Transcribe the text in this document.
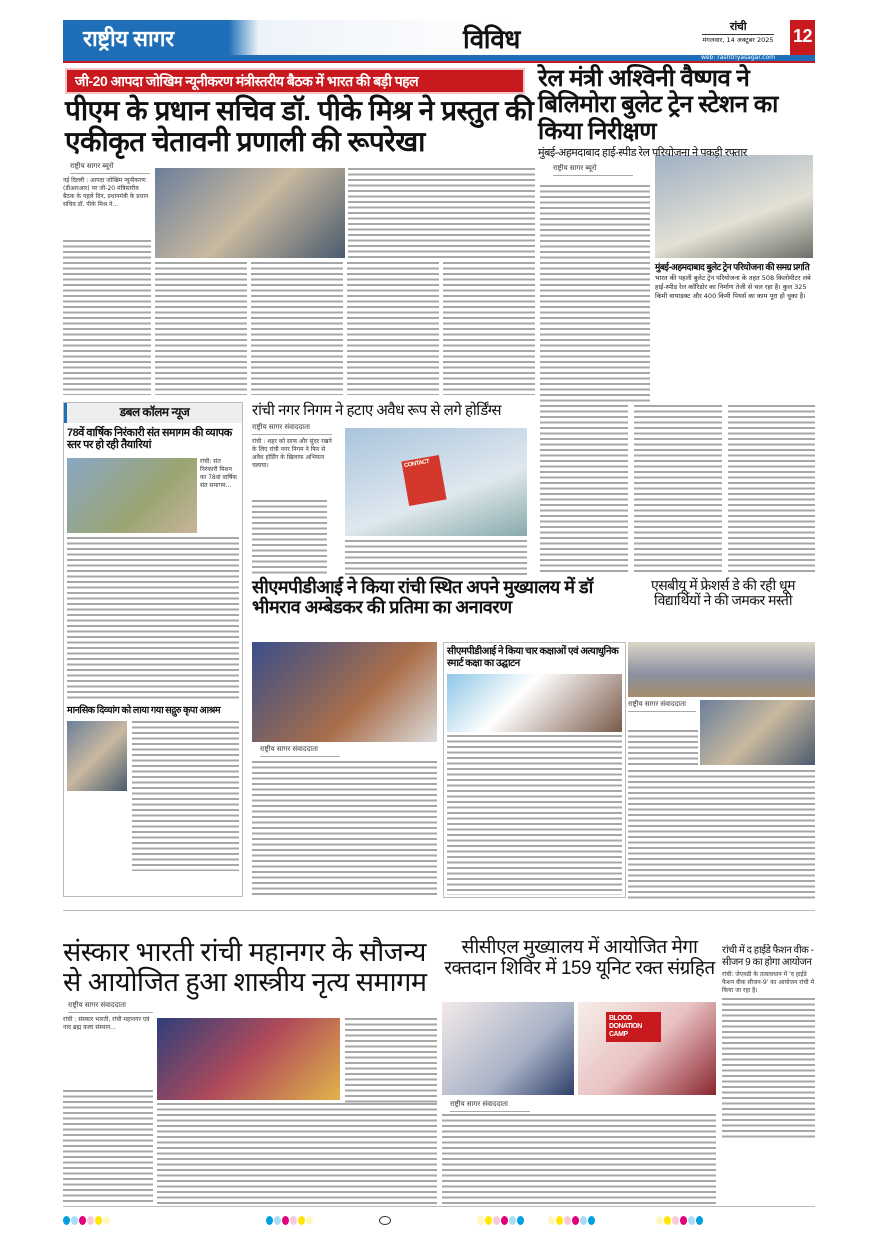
राष्ट्रीय सागर	विविध	रांची
मंगलवार, 14 अक्टूबर 2025 12
web: rashtriyasagar.com
जी-20 आपदा जोखिम न्यूनीकरण मंत्रीस्तरीय बैठक में भारत की बड़ी पहल
पीएम के प्रधान सचिव डॉ. पीके मिश्र ने प्रस्तुत की एकीकृत चेतावनी प्रणाली की रूपरेखा
राष्ट्रीय सागर ब्यूरो
नई दिल्ली : आपदा जोखिम न्यूनीकरण (डीआरआर) पर जी-20 मंत्रिस्तरीय बैठक के पहले दिन, प्रधानमंत्री के प्रधान सचिव डॉ. पीके मिश्र ने...
रेल मंत्री अश्विनी वैष्णव ने बिलिमोरा बुलेट ट्रेन स्टेशन का किया निरीक्षण
मुंबई-अहमदाबाद हाई-स्पीड रेल परियोजना ने पकड़ी रफ्तार
राष्ट्रीय सागर ब्यूरो
मुंबई-अहमदाबाद बुलेट ट्रेन परियोजना की समग्र प्रगति
भारत की पहली बुलेट ट्रेन परियोजना के तहत 508 किलोमीटर लंबे हाई-स्पीड रेल कॉरिडोर का निर्माण तेजी से चल रहा है। कुल 325 किमी वायाडक्ट और 400 किमी पियर्स का काम पूरा हो चुका है।
डबल कॉलम न्यूज
78वें वार्षिक निरंकारी संत समागम की व्यापक स्तर पर हो रही तैयारियां
रांची: संत निरंकारी मिशन का 78वां वार्षिक संत समागम...
मानसिक दिव्यांग को लाया गया सद्गुरु कृपा आश्रम
CONTACT
रांची नगर निगम ने हटाए अवैध रूप से लगे होर्डिंग्स
राष्ट्रीय सागर संवाददाता
रांची : शहर को साफ और सुंदर रखने के लिए रांची नगर निगम ने फिर से अवैध होर्डिंग के खिलाफ अभियान चलाया।
सीएमपीडीआई ने किया रांची स्थित अपने मुख्यालय में डॉ भीमराव अम्बेडकर की प्रतिमा का अनावरण
राष्ट्रीय सागर संवाददाता
सीएमपीडीआई ने किया चार कक्षाओं एवं अत्याधुनिक स्मार्ट कक्षा का उद्घाटन
एसबीयू में फ्रेशर्स डे की रही धूम विद्यार्थियों ने की जमकर मस्ती
राष्ट्रीय सागर संवाददाता
संस्कार भारती रांची महानगर के सौजन्य से आयोजित हुआ शास्त्रीय नृत्य समागम
राष्ट्रीय सागर संवाददाता
रांची : संस्कार भारती, रांची महानगर एवं नाद ब्रह्म कला संस्थान...
BLOOD DONATION CAMP
सीसीएल मुख्यालय में आयोजित मेगा रक्तदान शिविर में 159 यूनिट रक्त संग्रहित
राष्ट्रीय सागर संवाददाता
रांची में द हाईडे फैशन वीक - सीजन 9 का होगा आयोजन
रांची: जेएमडी के तत्वावधान में 'द हाईडे फैशन वीक सीजन-9' का आयोजन रांची में किया जा रहा है।
